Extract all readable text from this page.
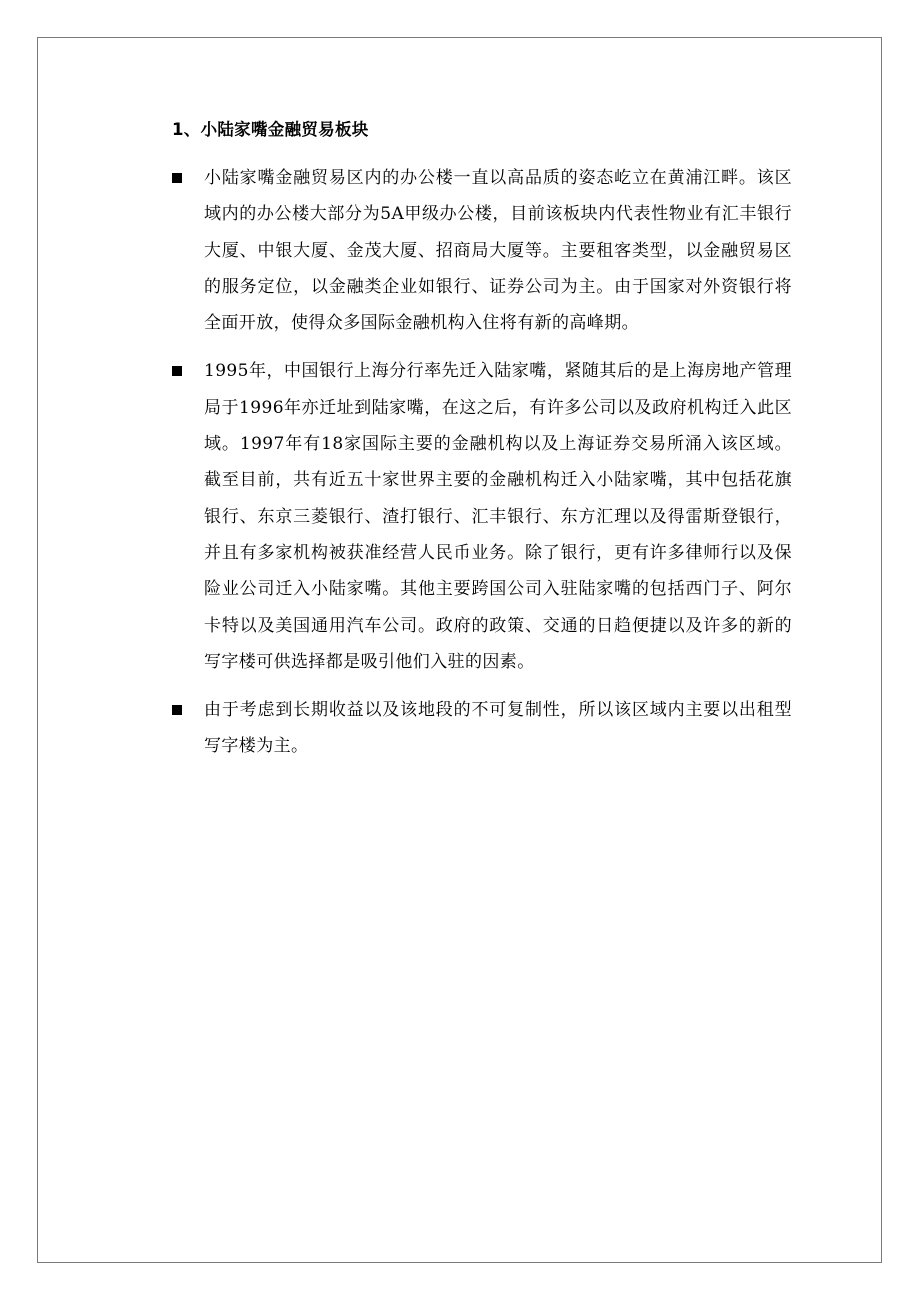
1、小陆家嘴金融贸易板块
小陆家嘴金融贸易区内的办公楼一直以高品质的姿态屹立在黄浦江畔。该区域内的办公楼大部分为5A甲级办公楼，目前该板块内代表性物业有汇丰银行大厦、中银大厦、金茂大厦、招商局大厦等。主要租客类型，以金融贸易区的服务定位，以金融类企业如银行、证券公司为主。由于国家对外资银行将全面开放，使得众多国际金融机构入住将有新的高峰期。
1995年，中国银行上海分行率先迁入陆家嘴，紧随其后的是上海房地产管理局于1996年亦迁址到陆家嘴，在这之后，有许多公司以及政府机构迁入此区域。1997年有18家国际主要的金融机构以及上海证券交易所涌入该区域。截至目前，共有近五十家世界主要的金融机构迁入小陆家嘴，其中包括花旗银行、东京三菱银行、渣打银行、汇丰银行、东方汇理以及得雷斯登银行，并且有多家机构被获准经营人民币业务。除了银行，更有许多律师行以及保险业公司迁入小陆家嘴。其他主要跨国公司入驻陆家嘴的包括西门子、阿尔卡特以及美国通用汽车公司。政府的政策、交通的日趋便捷以及许多的新的写字楼可供选择都是吸引他们入驻的因素。
由于考虑到长期收益以及该地段的不可复制性，所以该区域内主要以出租型写字楼为主。
